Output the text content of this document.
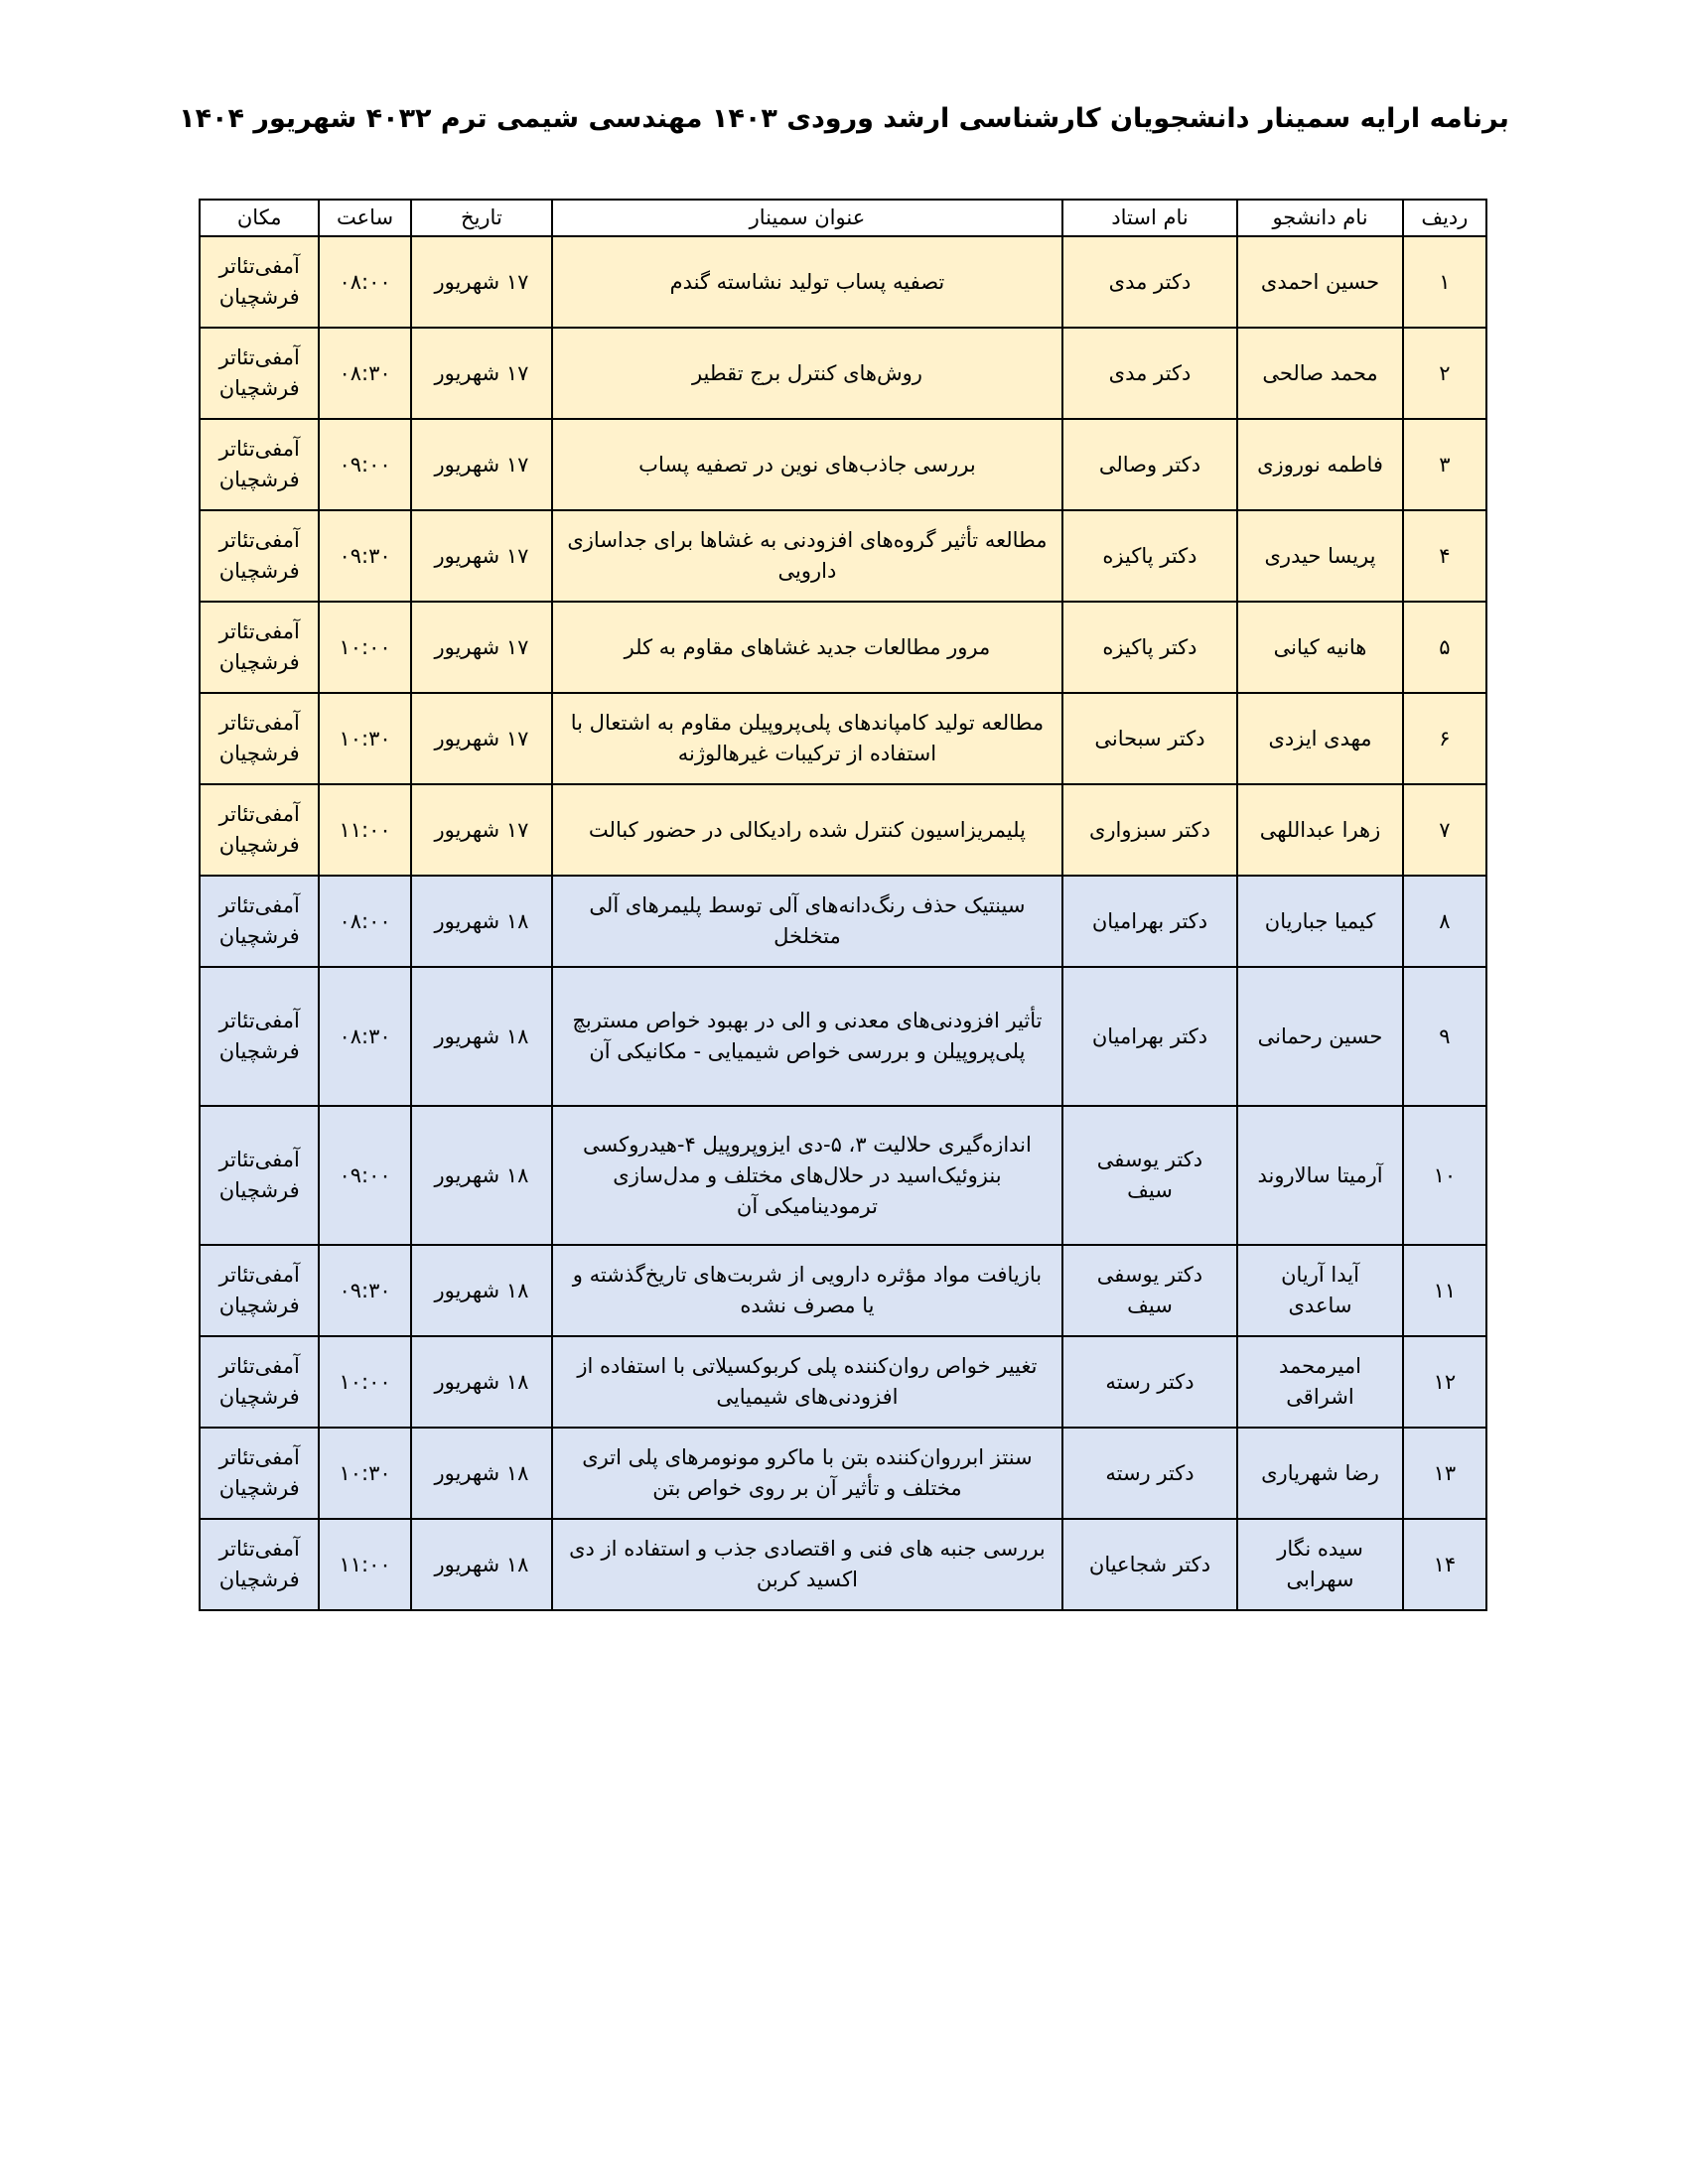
برنامه ارایه سمینار دانشجویان کارشناسی ارشد ورودی ۱۴۰۳ مهندسی شیمی ترم ۴۰۳۲ شهریور ۱۴۰۴
ردیف	نام دانشجو	نام استاد	عنوان سمینار	تاریخ	ساعت	مکان
۱	حسین احمدی	دکتر مدی	تصفیه پساب تولید نشاسته گندم	۱۷ شهریور	۰۸:۰۰	آمفی‌تئاتر فرشچیان
۲	محمد صالحی	دکتر مدی	روش‌های کنترل برج تقطیر	۱۷ شهریور	۰۸:۳۰	آمفی‌تئاتر فرشچیان
۳	فاطمه نوروزی	دکتر وصالی	بررسی جاذب‌های نوین در تصفیه پساب	۱۷ شهریور	۰۹:۰۰	آمفی‌تئاتر فرشچیان
۴	پریسا حیدری	دکتر پاکیزه	مطالعه تأثیر گروه‌های افزودنی به غشاها برای جداسازی دارویی	۱۷ شهریور	۰۹:۳۰	آمفی‌تئاتر فرشچیان
۵	هانیه کیانی	دکتر پاکیزه	مرور مطالعات جدید غشاهای مقاوم به کلر	۱۷ شهریور	۱۰:۰۰	آمفی‌تئاتر فرشچیان
۶	مهدی ایزدی	دکتر سبحانی	مطالعه تولید کامپاندهای پلی‌پروپیلن مقاوم به اشتعال با استفاده از ترکیبات غیرهالوژنه	۱۷ شهریور	۱۰:۳۰	آمفی‌تئاتر فرشچیان
۷	زهرا عبداللهی	دکتر سبزواری	پلیمریزاسیون کنترل شده رادیکالی در حضور کبالت	۱۷ شهریور	۱۱:۰۰	آمفی‌تئاتر فرشچیان
۸	کیمیا جباریان	دکتر بهرامیان	سینتیک حذف رنگ‌دانه‌های آلی توسط پلیمرهای آلی متخلخل	۱۸ شهریور	۰۸:۰۰	آمفی‌تئاتر فرشچیان
۹	حسین رحمانی	دکتر بهرامیان	تأثیر افزودنی‌های معدنی و الی در بهبود خواص مستربچ پلی‌پروپیلن و بررسی خواص شیمیایی - مکانیکی آن	۱۸ شهریور	۰۸:۳۰	آمفی‌تئاتر فرشچیان
۱۰	آرمیتا سالاروند	دکتر یوسفی سیف	اندازه‌گیری حلالیت ۳، ۵-دی ایزوپروپیل ۴-هیدروکسی بنزوئیک‌اسید در حلال‌های مختلف و مدل‌سازی ترمودینامیکی آن	۱۸ شهریور	۰۹:۰۰	آمفی‌تئاتر فرشچیان
۱۱	آیدا آریان ساعدی	دکتر یوسفی سیف	بازیافت مواد مؤثره دارویی از شربت‌های تاریخ‌گذشته و یا مصرف نشده	۱۸ شهریور	۰۹:۳۰	آمفی‌تئاتر فرشچیان
۱۲	امیرمحمد اشراقی	دکتر رسته	تغییر خواص روان‌کننده پلی کربوکسیلاتی با استفاده از افزودنی‌های شیمیایی	۱۸ شهریور	۱۰:۰۰	آمفی‌تئاتر فرشچیان
۱۳	رضا شهریاری	دکتر رسته	سنتز ابرروان‌کننده بتن با ماکرو مونومرهای پلی اتری مختلف و تأثیر آن بر روی خواص بتن	۱۸ شهریور	۱۰:۳۰	آمفی‌تئاتر فرشچیان
۱۴	سیده نگار سهرابی	دکتر شجاعیان	بررسی جنبه های فنی و اقتصادی جذب و استفاده از دی اکسید کربن	۱۸ شهریور	۱۱:۰۰	آمفی‌تئاتر فرشچیان
